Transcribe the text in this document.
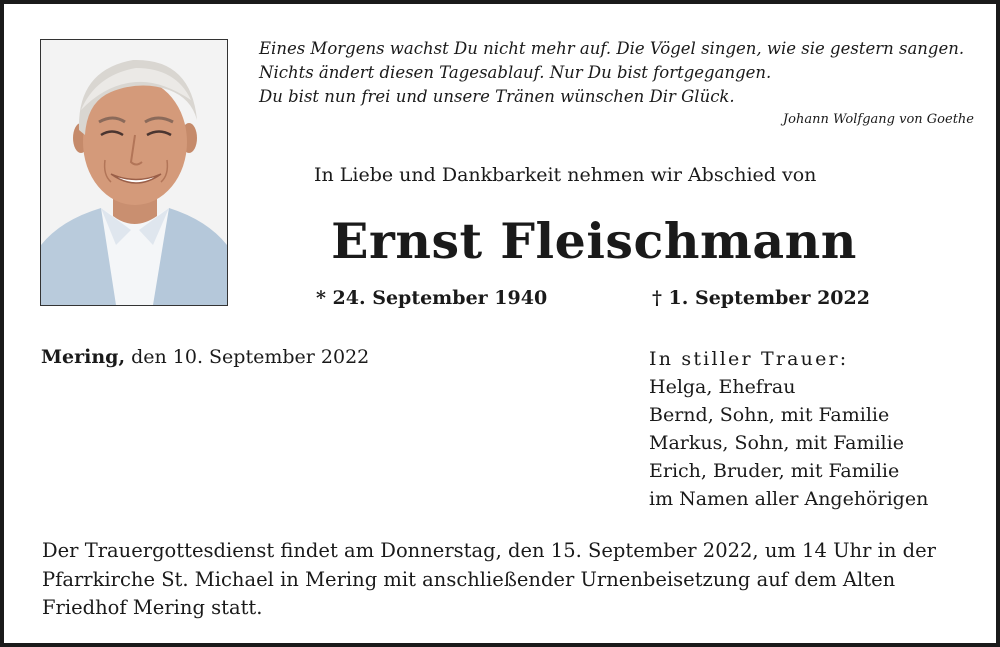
Eines Morgens wachst Du nicht mehr auf. Die Vögel singen, wie sie gestern sangen.
Nichts ändert diesen Tagesablauf. Nur Du bist fortgegangen.
Du bist nun frei und unsere Tränen wünschen Dir Glück.
Johann Wolfgang von Goethe
In Liebe und Dankbarkeit nehmen wir Abschied von
Ernst Fleischmann
* 24. September 1940	† 1. September 2022
Mering, den 10. September 2022	In stiller Trauer:
Helga, Ehefrau
Bernd, Sohn, mit Familie
Markus, Sohn, mit Familie
Erich, Bruder, mit Familie
im Namen aller Angehörigen
Der Trauergottesdienst findet am Donnerstag, den 15. September 2022, um 14 Uhr in der Pfarrkirche St. Michael in Mering mit anschließender Urnenbeisetzung auf dem Alten Friedhof Mering statt.
